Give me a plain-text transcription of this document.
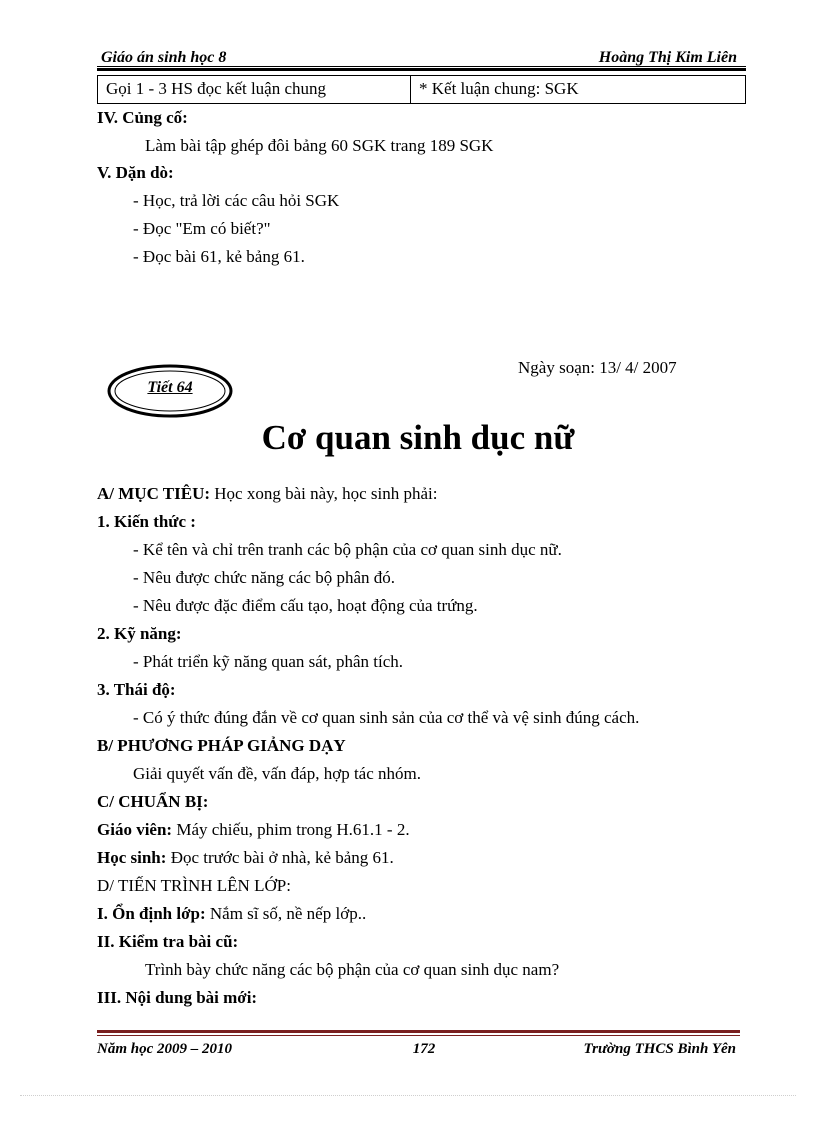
Giáo án sinh học 8	Hoàng Thị Kim Liên
Gọi 1 - 3 HS đọc kết luận chung	* Kết luận chung: SGK
IV. Củng cố:
Làm bài tập ghép đôi bảng 60 SGK trang 189 SGK
V. Dặn dò:
- Học, trả lời các câu hỏi SGK
- Đọc "Em có biết?"
- Đọc bài 61, kẻ bảng 61.
Ngày soạn: 13/ 4/ 2007
Tiết 64
Cơ quan sinh dục nữ
A/ MỤC TIÊU: Học xong bài này, học sinh phải:
1. Kiến thức :
- Kể tên và chỉ trên tranh các bộ phận của cơ quan sinh dục nữ.
- Nêu được chức năng các bộ phân đó.
- Nêu được đặc điểm cấu tạo, hoạt động của trứng.
2. Kỹ năng:
- Phát triển kỹ năng quan sát, phân tích.
3. Thái độ:
- Có ý thức đúng đắn về cơ quan sinh sản của cơ thể và vệ sinh đúng cách.
B/ PHƯƠNG PHÁP GIẢNG DẠY
Giải quyết vấn đề, vấn đáp, hợp tác nhóm.
C/ CHUẨN BỊ:
Giáo viên: Máy chiếu, phim trong H.61.1 - 2.
Học sinh: Đọc trước bài ở nhà, kẻ bảng 61.
D/ TIẾN TRÌNH LÊN LỚP:
I. Ổn định lớp: Nắm sĩ số, nề nếp lớp..
II. Kiểm tra bài cũ:
Trình bày chức năng các bộ phận của cơ quan sinh dục nam?
III. Nội dung bài mới:
Năm học 2009 – 2010	172	Trường THCS Bình Yên
